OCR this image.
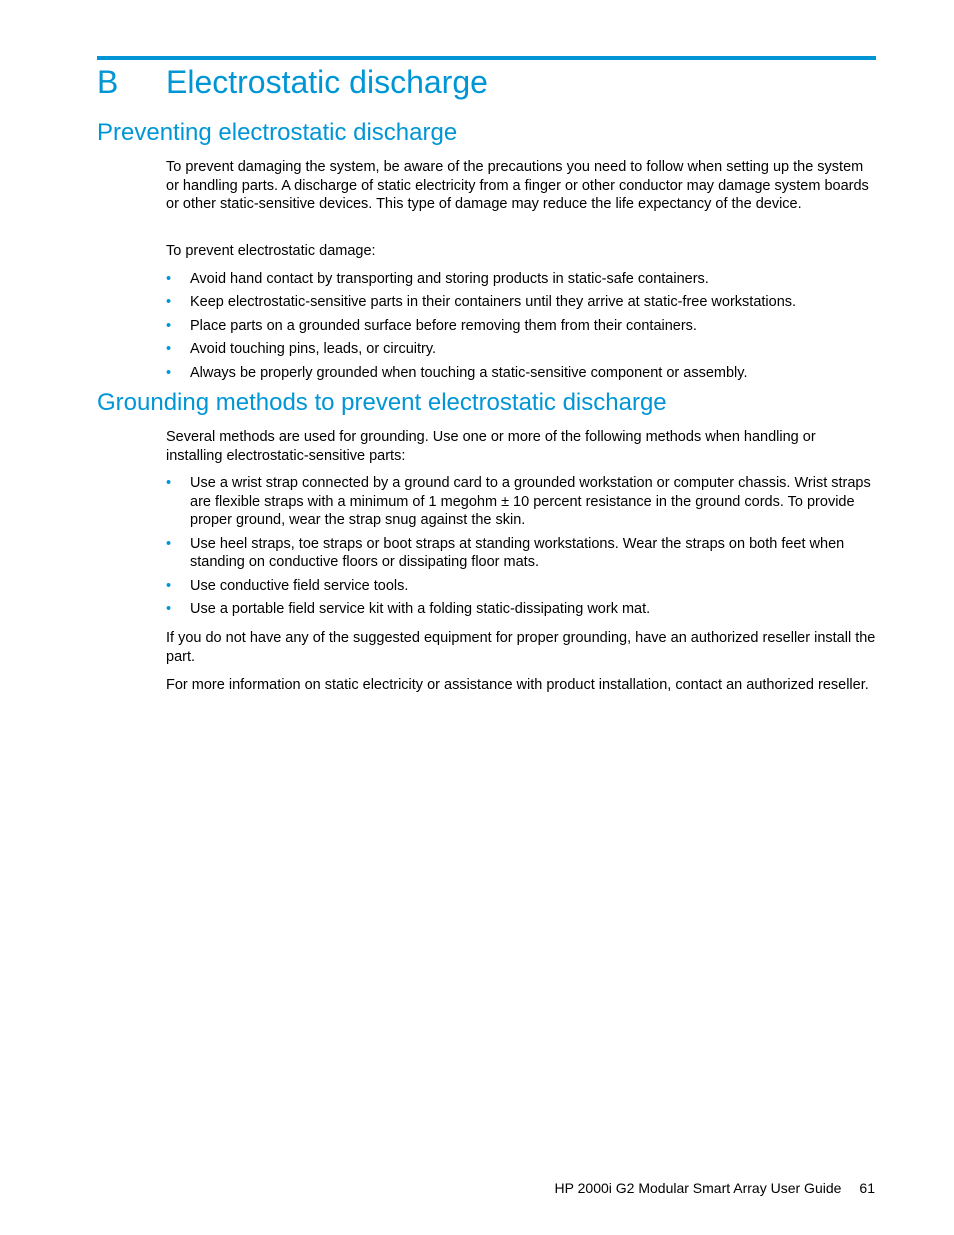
B Electrostatic discharge
Preventing electrostatic discharge

To prevent damaging the system, be aware of the precautions you need to follow when setting up the system or handling parts. A discharge of static electricity from a finger or other conductor may damage system boards or other static-sensitive devices. This type of damage may reduce the life expectancy of the device.

To prevent electrostatic damage:

• Avoid hand contact by transporting and storing products in static-safe containers.
• Keep electrostatic-sensitive parts in their containers until they arrive at static-free workstations.
• Place parts on a grounded surface before removing them from their containers.
• Avoid touching pins, leads, or circuitry.
• Always be properly grounded when touching a static-sensitive component or assembly.
Grounding methods to prevent electrostatic discharge

Several methods are used for grounding. Use one or more of the following methods when handling or installing electrostatic-sensitive parts:

• Use a wrist strap connected by a ground card to a grounded workstation or computer chassis. Wrist straps are flexible straps with a minimum of 1 megohm ± 10 percent resistance in the ground cords. To provide proper ground, wear the strap snug against the skin.
• Use heel straps, toe straps or boot straps at standing workstations. Wear the straps on both feet when standing on conductive floors or dissipating floor mats.
• Use conductive field service tools.
• Use a portable field service kit with a folding static-dissipating work mat.

If you do not have any of the suggested equipment for proper grounding, have an authorized reseller install the part.

For more information on static electricity or assistance with product installation, contact an authorized reseller.

HP 2000i G2 Modular Smart Array User Guide 61
